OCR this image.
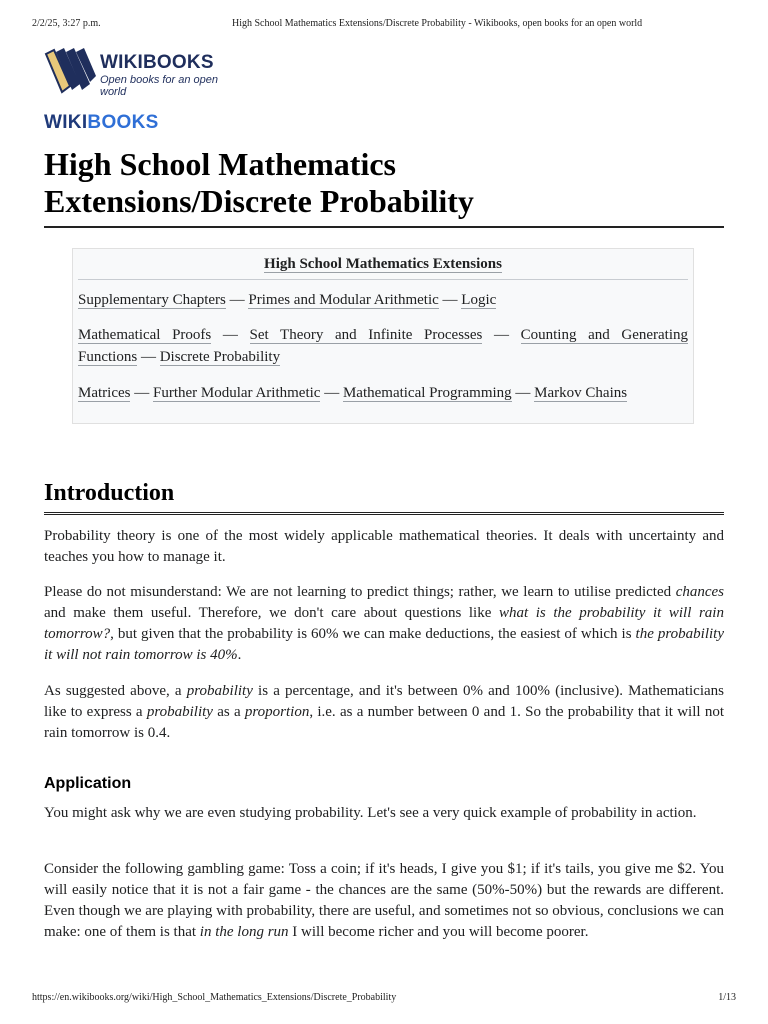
2/2/25, 3:27 p.m.	High School Mathematics Extensions/Discrete Probability - Wikibooks, open books for an open world
WIKIBOOKS
Open books for an open world
WIKIBOOKS
High School Mathematics
Extensions/Discrete Probability
High School Mathematics Extensions
Supplementary Chapters — Primes and Modular Arithmetic — Logic
Mathematical Proofs — Set Theory and Infinite Processes — Counting and Generating
Functions — Discrete Probability
Matrices — Further Modular Arithmetic — Mathematical Programming — Markov Chains
Introduction

Probability theory is one of the most widely applicable mathematical theories. It deals with uncertainty and teaches you how to manage it.

Please do not misunderstand: We are not learning to predict things; rather, we learn to utilise predicted chances and make them useful. Therefore, we don't care about questions like what is the probability it will rain tomorrow?, but given that the probability is 60% we can make deductions, the easiest of which is the probability it will not rain tomorrow is 40%.

As suggested above, a probability is a percentage, and it's between 0% and 100% (inclusive). Mathematicians like to express a probability as a proportion, i.e. as a number between 0 and 1. So the probability that it will not rain tomorrow is 0.4.

Application

You might ask why we are even studying probability. Let's see a very quick example of probability in action.

Consider the following gambling game: Toss a coin; if it's heads, I give you $1; if it's tails, you give me $2. You will easily notice that it is not a fair game - the chances are the same (50%-50%) but the rewards are different. Even though we are playing with probability, there are useful, and sometimes not so obvious, conclusions we can make: one of them is that in the long run I will become richer and you will become poorer.

https://en.wikibooks.org/wiki/High_School_Mathematics_Extensions/Discrete_Probability	1/13
